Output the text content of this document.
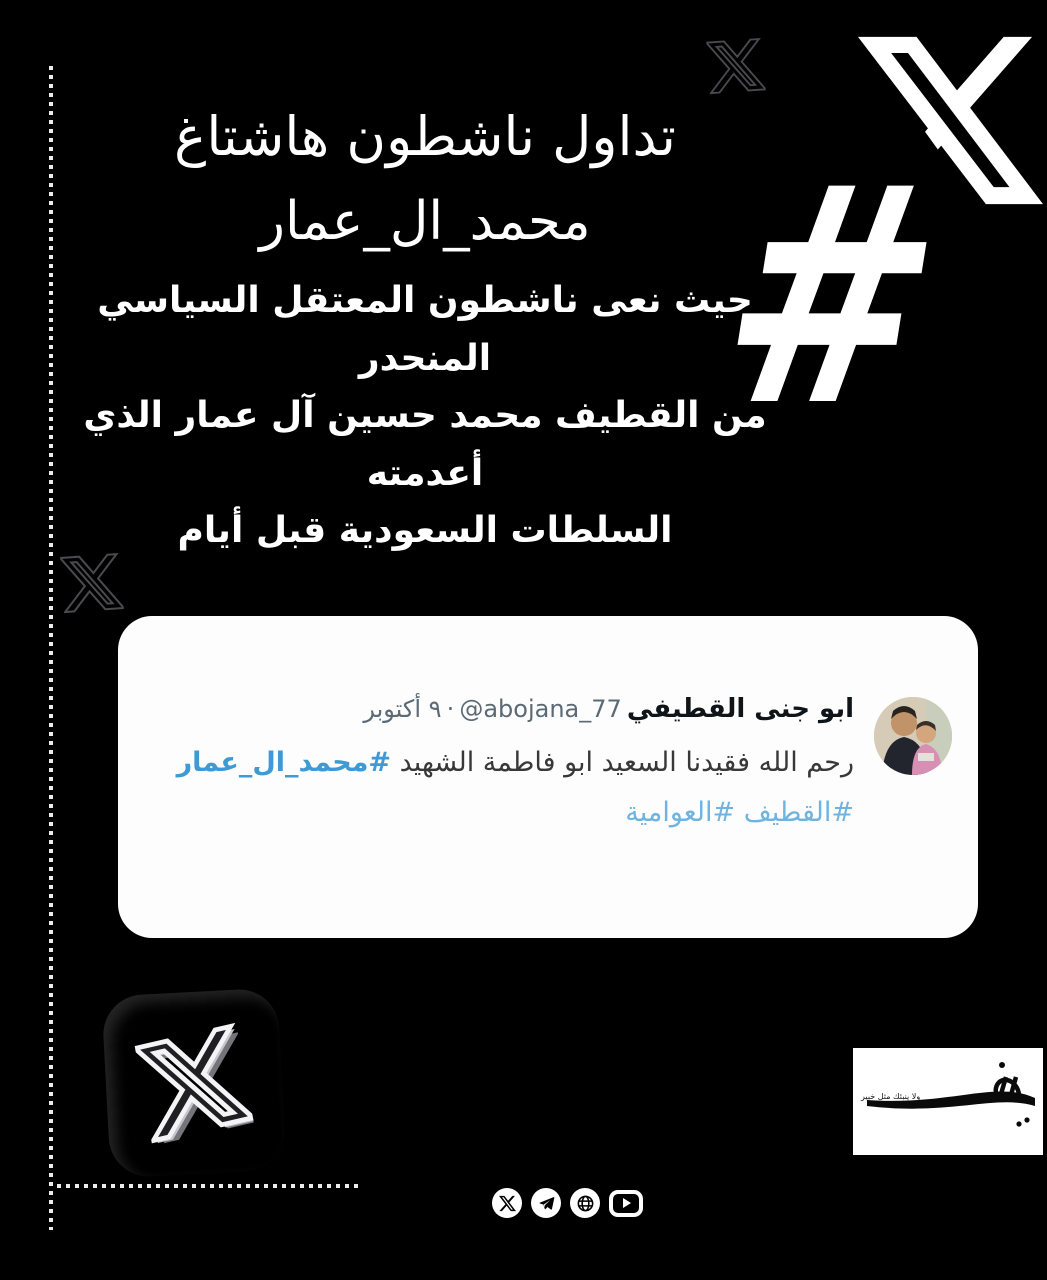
#
تداول ناشطون هاشتاغ
محمد_ال_عمار
حيث نعى ناشطون المعتقل السياسي المنحدر
من القطيف محمد حسين آل عمار الذي أعدمته
السلطات السعودية قبل أيام
ابو جنى القطيفي @abojana_77 · ٩ أكتوبر
رحم الله فقيدنا السعيد ابو فاطمة الشهيد #محمد_ال_عمار
#القطيف #العوامية
ولا ينبئك مثل خبير
